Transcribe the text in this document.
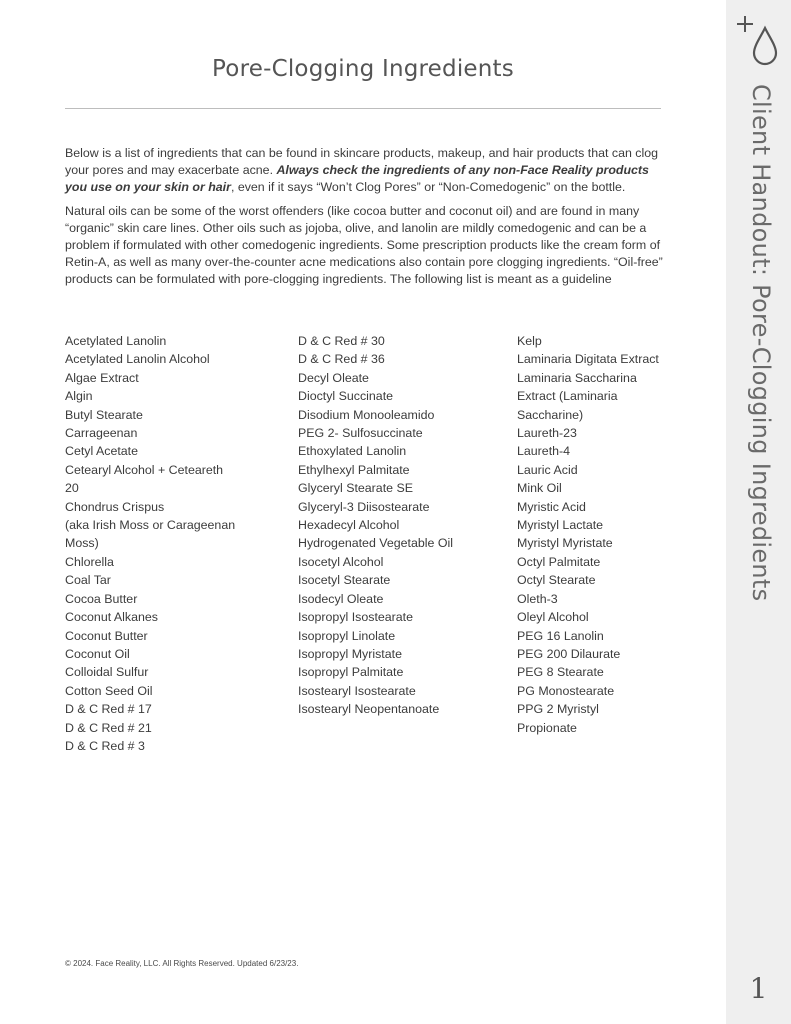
Pore-Clogging Ingredients

Below is a list of ingredients that can be found in skincare products, makeup, and hair products that can clog your pores and may exacerbate acne. Always check the ingredients of any non-Face Reality products you use on your skin or hair, even if it says “Won’t Clog Pores” or “Non-Comedogenic” on the bottle.

Natural oils can be some of the worst offenders (like cocoa butter and coconut oil) and are found in many “organic” skin care lines. Other oils such as jojoba, olive, and lanolin are mildly comedogenic and can be a problem if formulated with other comedogenic ingredients. Some prescription products like the cream form of Retin-A, as well as many over-the-counter acne medications also contain pore clogging ingredients. “Oil-free” products can be formulated with pore-clogging ingredients. The following list is meant as a guideline

Acetylated Lanolin
Acetylated Lanolin Alcohol
Algae Extract
Algin
Butyl Stearate
Carrageenan
Cetyl Acetate
Cetearyl Alcohol + Ceteareth
20
Chondrus Crispus
(aka Irish Moss or Carageenan
Moss)
Chlorella
Coal Tar
Cocoa Butter
Coconut Alkanes
Coconut Butter
Coconut Oil
Colloidal Sulfur
Cotton Seed Oil
D & C Red # 17
D & C Red # 21
D & C Red # 3
D & C Red # 30
D & C Red # 36
Decyl Oleate
Dioctyl Succinate
Disodium Monooleamido
PEG 2- Sulfosuccinate
Ethoxylated Lanolin
Ethylhexyl Palmitate
Glyceryl Stearate SE
Glyceryl-3 Diisostearate
Hexadecyl Alcohol
Hydrogenated Vegetable Oil
Isocetyl Alcohol
Isocetyl Stearate
Isodecyl Oleate
Isopropyl Isostearate
Isopropyl Linolate
Isopropyl Myristate
Isopropyl Palmitate
Isostearyl Isostearate
Isostearyl Neopentanoate
Kelp
Laminaria Digitata Extract
Laminaria Saccharina
Extract (Laminaria
Saccharine)
Laureth-23
Laureth-4
Lauric Acid
Mink Oil
Myristic Acid
Myristyl Lactate
Myristyl Myristate
Octyl Palmitate
Octyl Stearate
Oleth-3
Oleyl Alcohol
PEG 16 Lanolin
PEG 200 Dilaurate
PEG 8 Stearate
PG Monostearate
PPG 2 Myristyl
Propionate
© 2024. Face Reality, LLC. All Rights Reserved. Updated 6/23/23.
Client Handout: Pore-Clogging Ingredients
1
